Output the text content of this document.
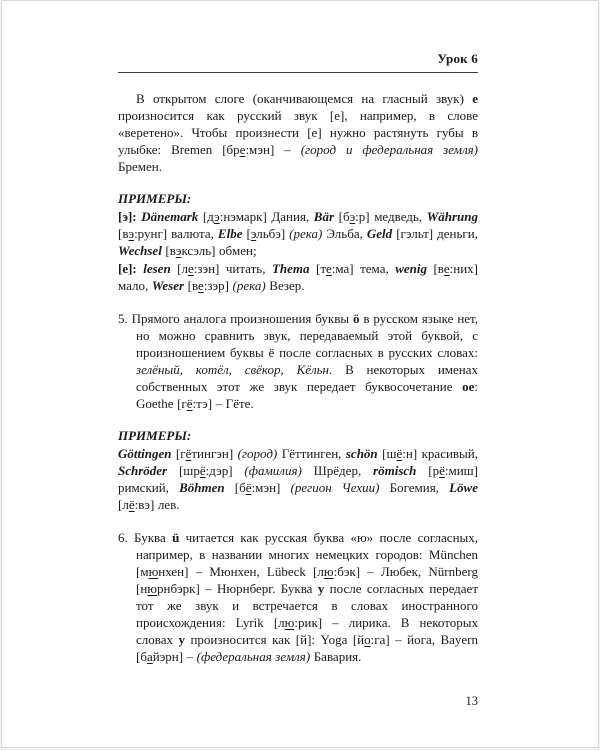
Урок 6

В открытом слоге (оканчивающемся на гласный звук) e произносится как русский звук [е], например, в слове «веретено». Чтобы произнести [е] нужно растянуть губы в улыбке: Bremen [бре:мэн] – (город и федеральная земля) Бремен.

ПРИМЕРЫ:

[э]: Dänemark [дэ:нэмарк] Дания, Bär [бэ:р] медведь, Währung [вэ:рунг] валюта, Elbe [эльбэ] (река) Эльба, Geld [гэльт] деньги, Wechsel [вэксэль] обмен;

[е]: lesen [ле:зэн] читать, Thema [те:ма] тема, wenig [ве:них] мало, Weser [ве:зэр] (река) Везер.

5. Прямого аналога произношения буквы ö в русском языке нет, но можно сравнить звук, передаваемый этой буквой, с произношением буквы ё после согласных в русских словах: зелёный, котёл, свёкор, Кёльн. В некоторых именах собственных этот же звук передает буквосочетание oe: Goethe [гё:тэ] – Гёте.

ПРИМЕРЫ:

Göttingen [гётингэн] (город) Гёттинген, schön [шё:н] красивый, Schröder [шрё:дэр] (фамилия) Шрёдер, römisch [рё:миш] римский, Böhmen [бё:мэн] (регион Чехии) Богемия, Löwe [лё:вэ] лев.

6. Буква ü читается как русская буква «ю» после согласных, например, в названии многих немецких городов: München [мюнхен] – Мюнхен, Lübeck [лю:бэк] – Любек, Nürnberg [нюрнбэрк] – Нюрнберг. Буква y после согласных передает тот же звук и встречается в словах иностранного происхождения: Lyrik [лю:рик] – лирика. В некоторых словах y произносится как [й]: Yoga [йо:га] – йога, Bayern [байэрн] – (федеральная земля) Бавария.

13
